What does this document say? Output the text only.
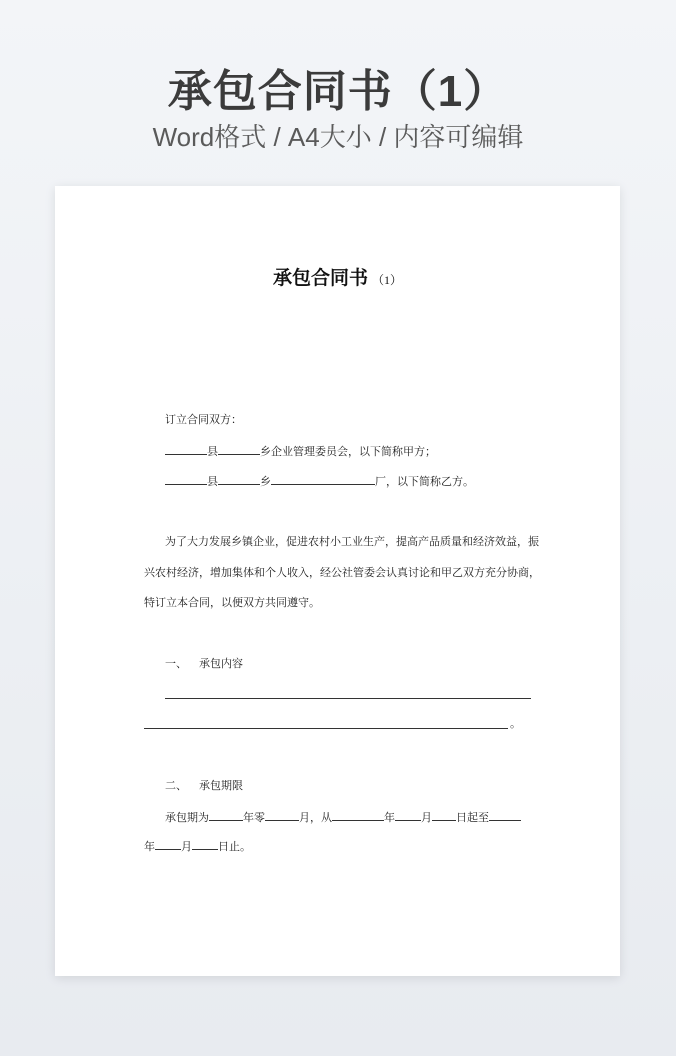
承包合同书（1）
Word格式 / A4大小 / 内容可编辑
承包合同书 （1）
订立合同双方：
县	乡企业管理委员会，以下简称甲方；
县	乡	厂，以下简称乙方。
为了大力发展乡镇企业，促进农村小工业生产，提高产品质量和经济效益，振
兴农村经济，增加集体和个人收入，经公社管委会认真讨论和甲乙双方充分协商，
特订立本合同，以便双方共同遵守。
一、 承包内容
。
二、 承包期限
承包期为	年零	月，从	年 月 日起至
年 月 日止。
